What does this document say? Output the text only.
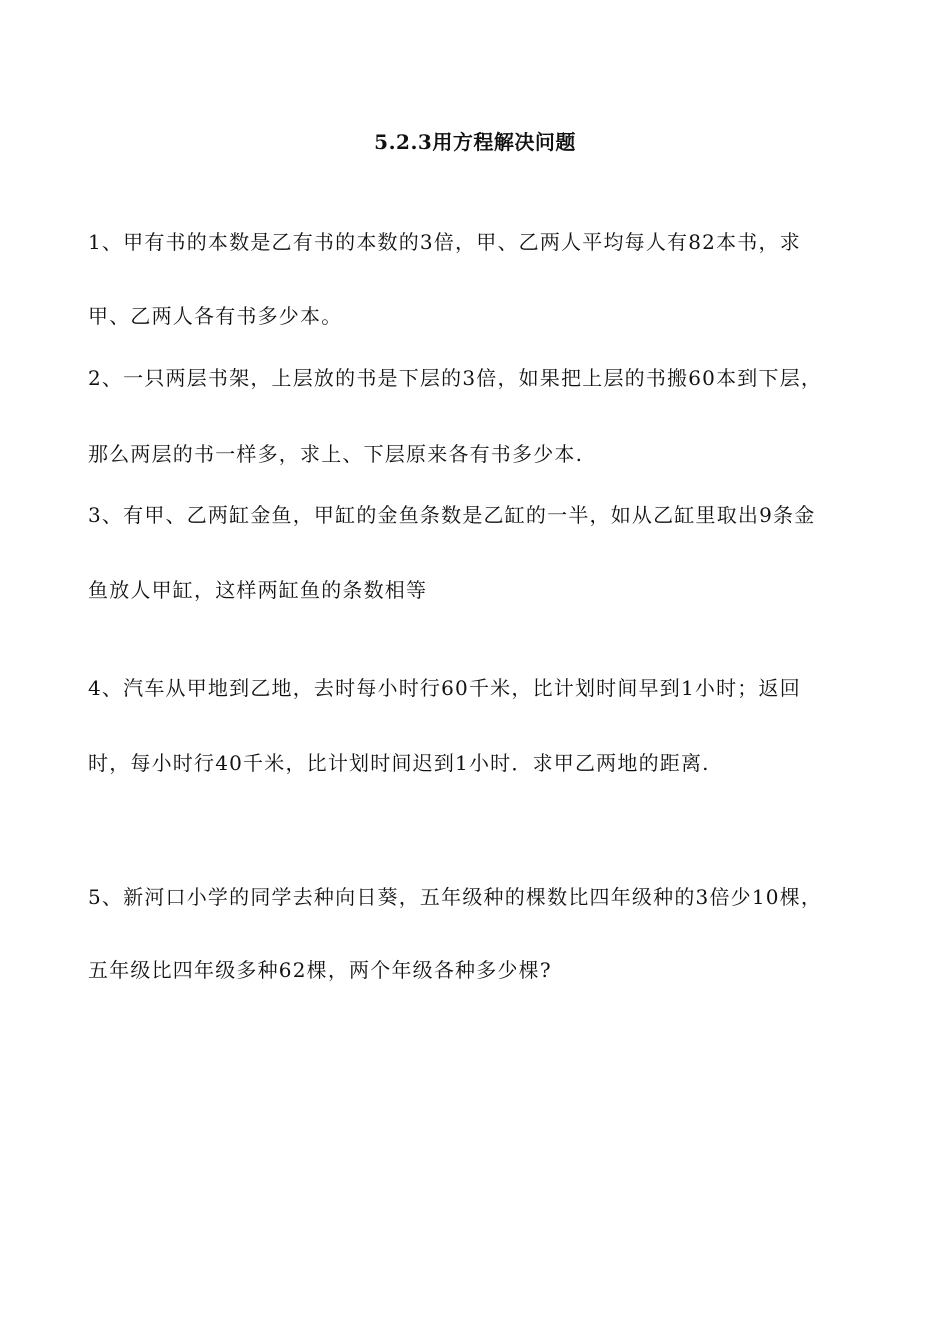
5.2.3用方程解决问题
1、甲有书的本数是乙有书的本数的3倍，甲、乙两人平均每人有82本书，求
甲、乙两人各有书多少本。
2、一只两层书架，上层放的书是下层的3倍，如果把上层的书搬60本到下层，
那么两层的书一样多，求上、下层原来各有书多少本.
3、有甲、乙两缸金鱼，甲缸的金鱼条数是乙缸的一半，如从乙缸里取出9条金
鱼放人甲缸，这样两缸鱼的条数相等
4、汽车从甲地到乙地，去时每小时行60千米，比计划时间早到1小时；返回
时，每小时行40千米，比计划时间迟到1小时．求甲乙两地的距离.
5、新河口小学的同学去种向日葵，五年级种的棵数比四年级种的3倍少10棵，
五年级比四年级多种62棵，两个年级各种多少棵?
